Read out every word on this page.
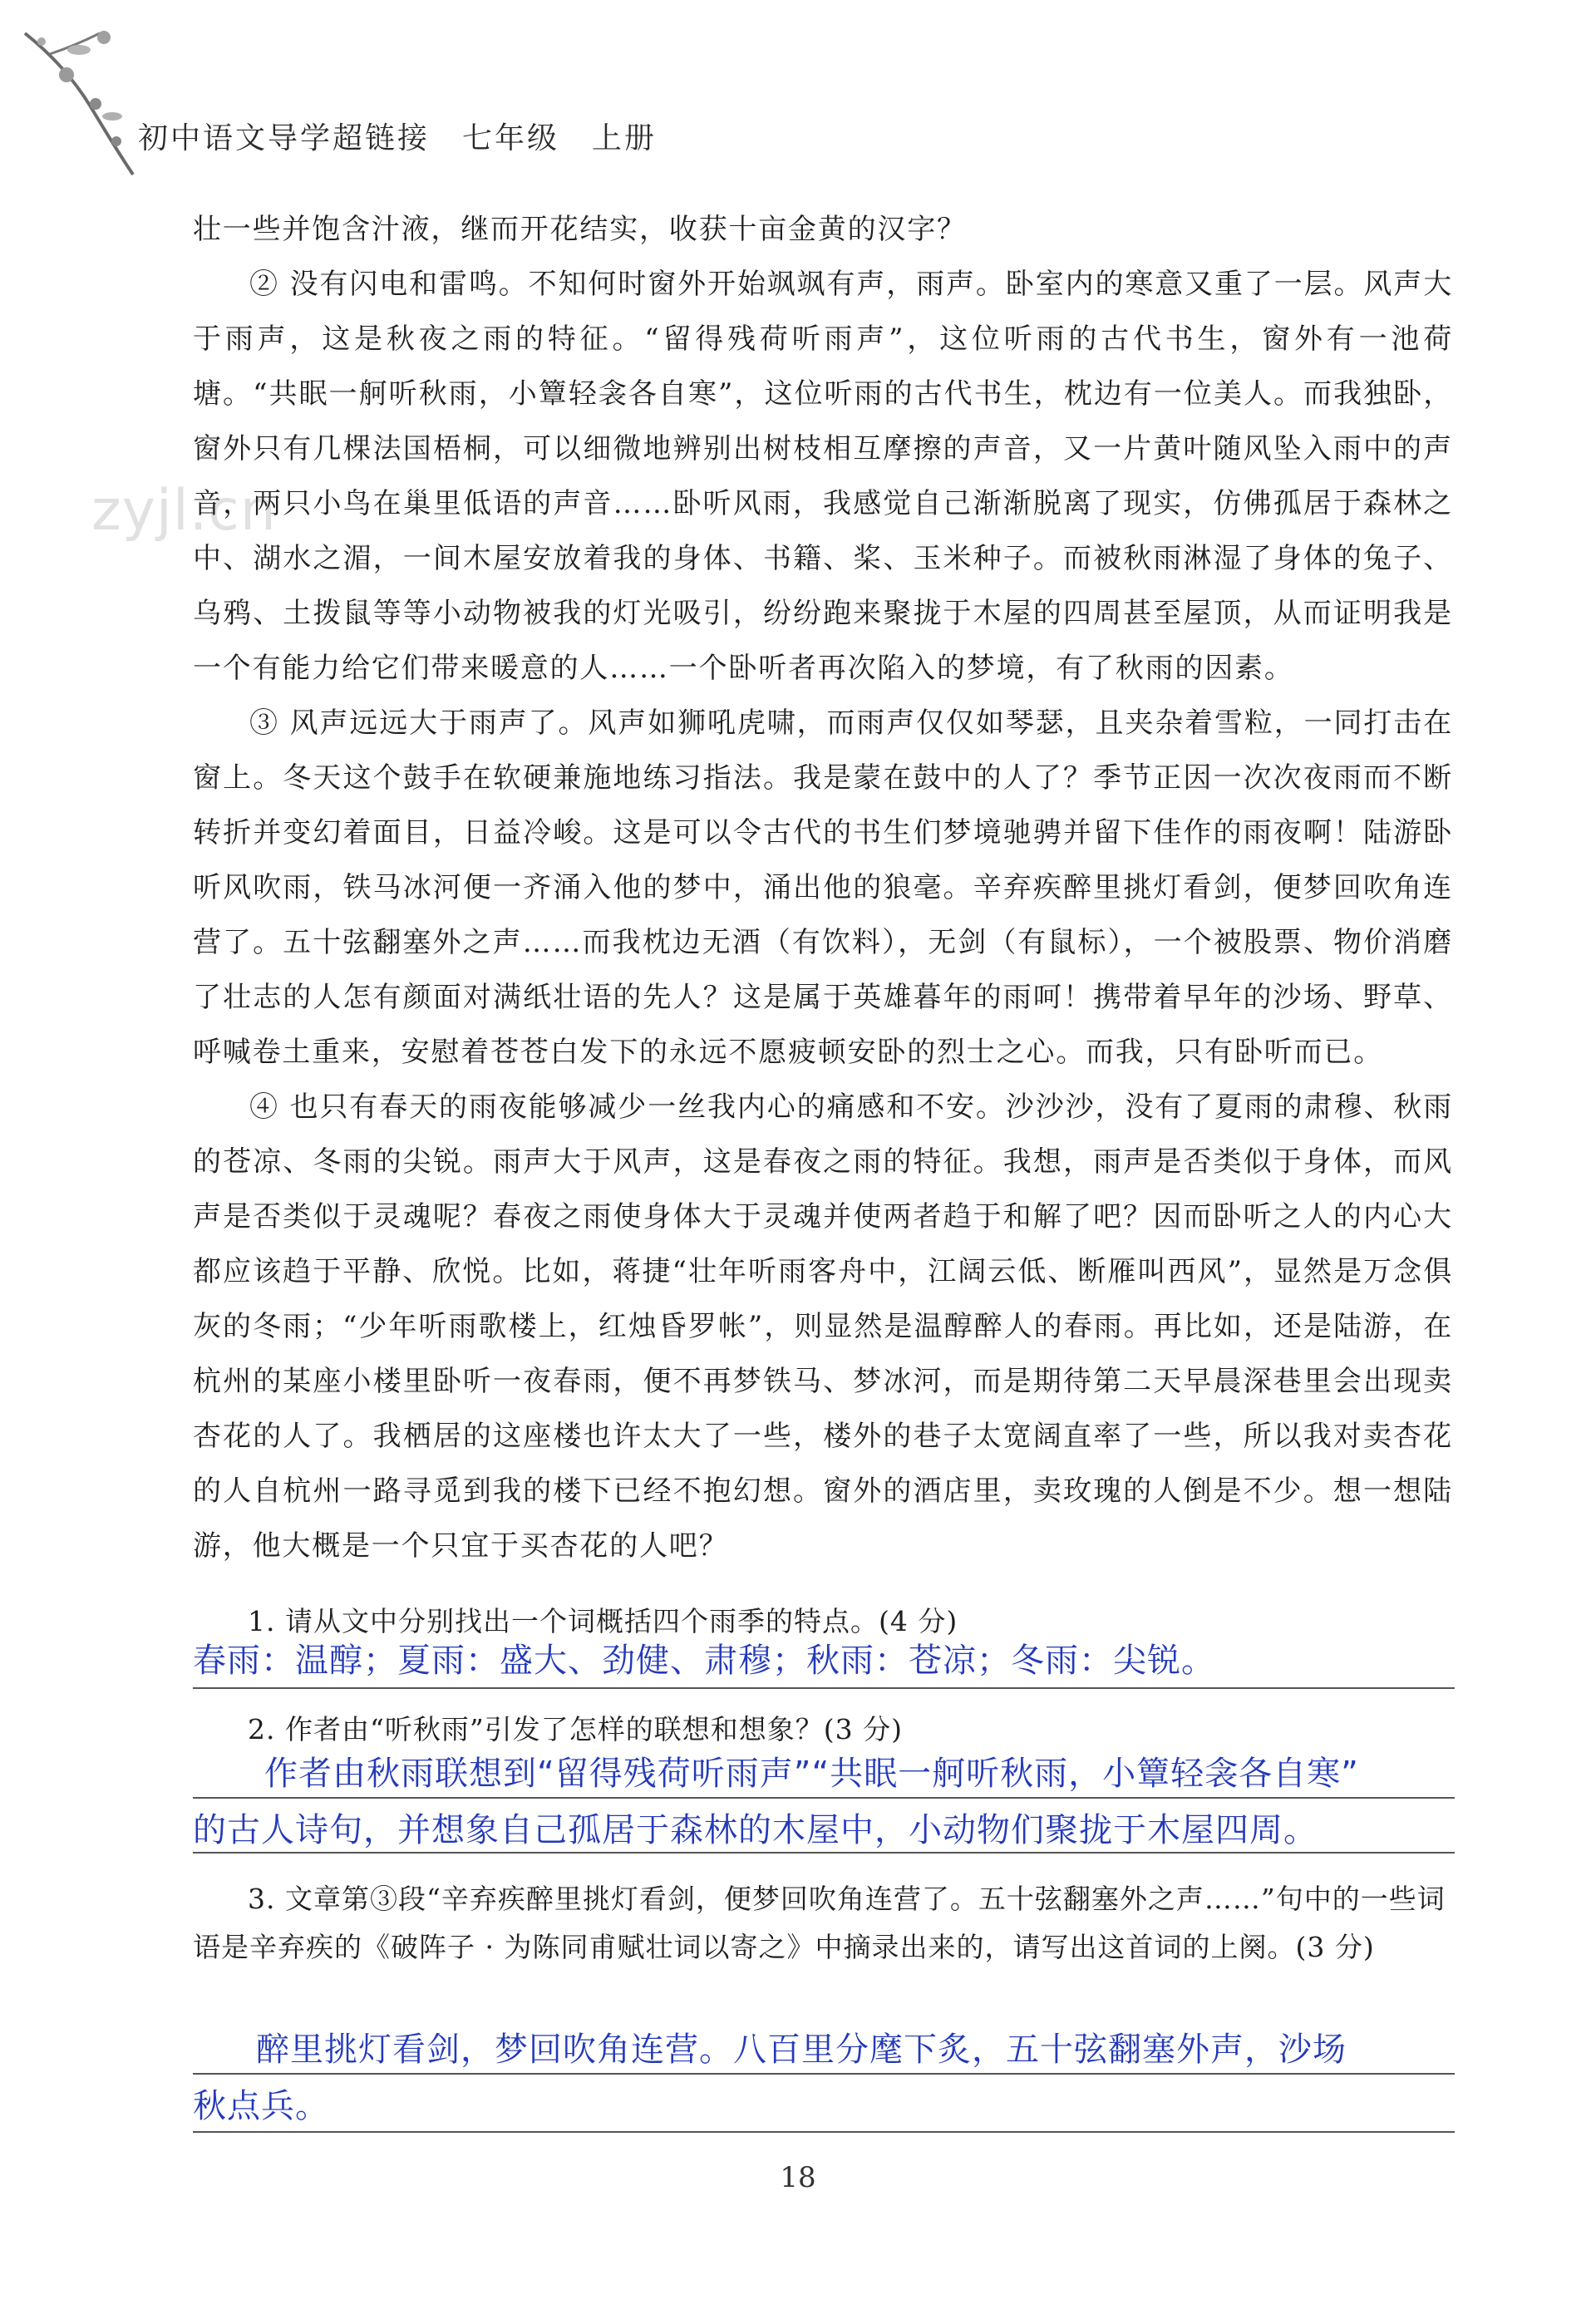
初中语文导学超链接　七年级　上册
zyjl.cn

壮一些并饱含汁液，继而开花结实，收获十亩金黄的汉字？

② 没有闪电和雷鸣。不知何时窗外开始飒飒有声，雨声。卧室内的寒意又重了一层。风声大于雨声，这是秋夜之雨的特征。“留得残荷听雨声”，这位听雨的古代书生，窗外有一池荷塘。“共眠一舸听秋雨，小簟轻衾各自寒”，这位听雨的古代书生，枕边有一位美人。而我独卧，窗外只有几棵法国梧桐，可以细微地辨别出树枝相互摩擦的声音，又一片黄叶随风坠入雨中的声音，两只小鸟在巢里低语的声音……卧听风雨，我感觉自己渐渐脱离了现实，仿佛孤居于森林之中、湖水之湄，一间木屋安放着我的身体、书籍、桨、玉米种子。而被秋雨淋湿了身体的兔子、乌鸦、土拨鼠等等小动物被我的灯光吸引，纷纷跑来聚拢于木屋的四周甚至屋顶，从而证明我是一个有能力给它们带来暖意的人……一个卧听者再次陷入的梦境，有了秋雨的因素。

③ 风声远远大于雨声了。风声如狮吼虎啸，而雨声仅仅如琴瑟，且夹杂着雪粒，一同打击在窗上。冬天这个鼓手在软硬兼施地练习指法。我是蒙在鼓中的人了？季节正因一次次夜雨而不断转折并变幻着面目，日益冷峻。这是可以令古代的书生们梦境驰骋并留下佳作的雨夜啊！陆游卧听风吹雨，铁马冰河便一齐涌入他的梦中，涌出他的狼毫。辛弃疾醉里挑灯看剑，便梦回吹角连营了。五十弦翻塞外之声……而我枕边无酒（有饮料），无剑（有鼠标），一个被股票、物价消磨了壮志的人怎有颜面对满纸壮语的先人？这是属于英雄暮年的雨呵！携带着早年的沙场、野草、呼喊卷土重来，安慰着苍苍白发下的永远不愿疲顿安卧的烈士之心。而我，只有卧听而已。

④ 也只有春天的雨夜能够减少一丝我内心的痛感和不安。沙沙沙，没有了夏雨的肃穆、秋雨的苍凉、冬雨的尖锐。雨声大于风声，这是春夜之雨的特征。我想，雨声是否类似于身体，而风声是否类似于灵魂呢？春夜之雨使身体大于灵魂并使两者趋于和解了吧？因而卧听之人的内心大都应该趋于平静、欣悦。比如，蒋捷“壮年听雨客舟中，江阔云低、断雁叫西风”，显然是万念俱灰的冬雨；“少年听雨歌楼上，红烛昏罗帐”，则显然是温醇醉人的春雨。再比如，还是陆游，在杭州的某座小楼里卧听一夜春雨，便不再梦铁马、梦冰河，而是期待第二天早晨深巷里会出现卖杏花的人了。我栖居的这座楼也许太大了一些，楼外的巷子太宽阔直率了一些，所以我对卖杏花的人自杭州一路寻觅到我的楼下已经不抱幻想。窗外的酒店里，卖玫瑰的人倒是不少。想一想陆游，他大概是一个只宜于买杏花的人吧？

1. 请从文中分别找出一个词概括四个雨季的特点。(4 分)
春雨：温醇；夏雨：盛大、劲健、肃穆；秋雨：苍凉；冬雨：尖锐。
2. 作者由“听秋雨”引发了怎样的联想和想象？(3 分)
作者由秋雨联想到“留得残荷听雨声”“共眠一舸听秋雨，小簟轻衾各自寒”
的古人诗句，并想象自己孤居于森林的木屋中，小动物们聚拢于木屋四周。
3. 文章第③段“辛弃疾醉里挑灯看剑，便梦回吹角连营了。五十弦翻塞外之声……”句中的一些词语是辛弃疾的《破阵子 · 为陈同甫赋壮词以寄之》中摘录出来的，请写出这首词的上阕。(3 分)
醉里挑灯看剑，梦回吹角连营。八百里分麾下炙，五十弦翻塞外声，沙场
秋点兵。
18
